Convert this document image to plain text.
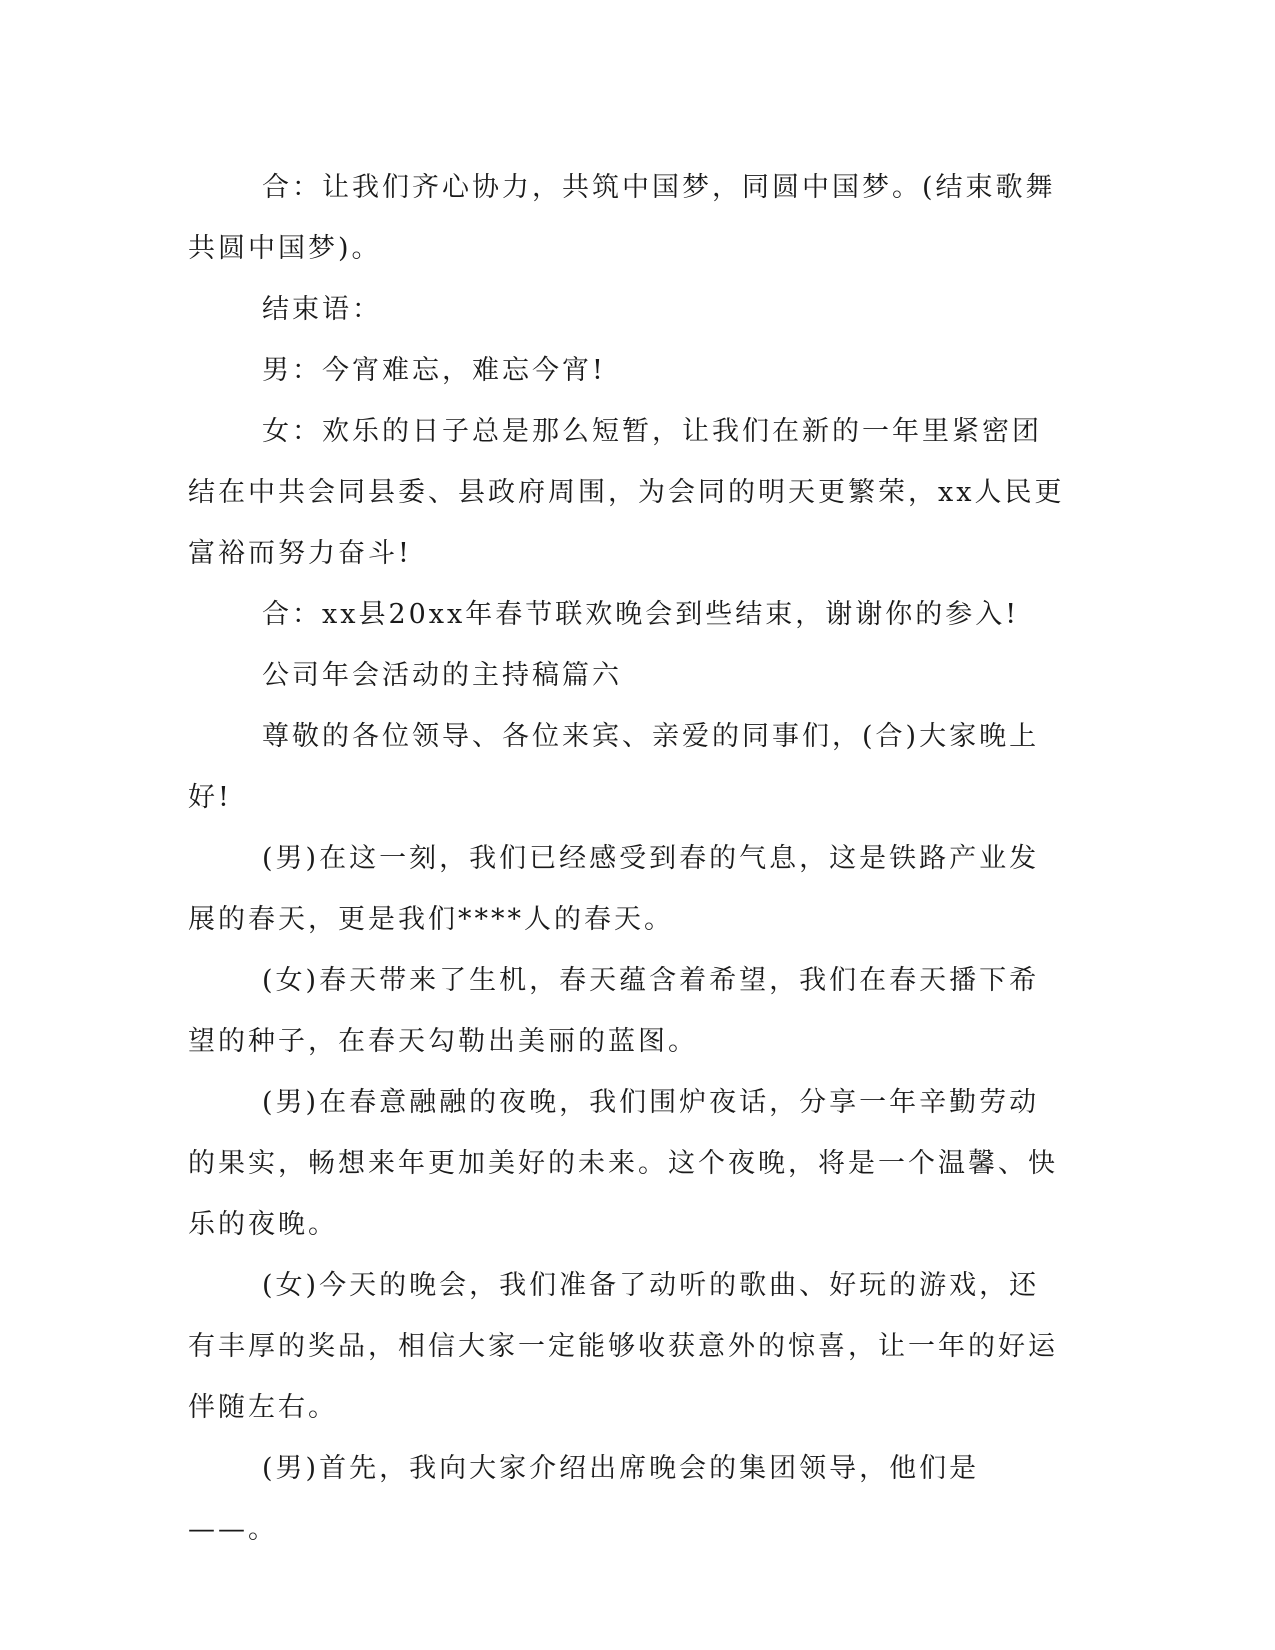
合：让我们齐心协力，共筑中国梦，同圆中国梦。(结束歌舞共圆中国梦)。

结束语：

男：今宵难忘，难忘今宵!

女：欢乐的日子总是那么短暂，让我们在新的一年里紧密团结在中共会同县委、县政府周围，为会同的明天更繁荣，xx人民更富裕而努力奋斗!

合：xx县20xx年春节联欢晚会到些结束，谢谢你的参入!

公司年会活动的主持稿篇六

尊敬的各位领导、各位来宾、亲爱的同事们，(合)大家晚上好!

(男)在这一刻，我们已经感受到春的气息，这是铁路产业发展的春天，更是我们****人的春天。

(女)春天带来了生机，春天蕴含着希望，我们在春天播下希望的种子，在春天勾勒出美丽的蓝图。

(男)在春意融融的夜晚，我们围炉夜话，分享一年辛勤劳动的果实，畅想来年更加美好的未来。这个夜晚，将是一个温馨、快乐的夜晚。

(女)今天的晚会，我们准备了动听的歌曲、好玩的游戏，还有丰厚的奖品，相信大家一定能够收获意外的惊喜，让一年的好运伴随左右。

(男)首先，我向大家介绍出席晚会的集团领导，他们是——。
